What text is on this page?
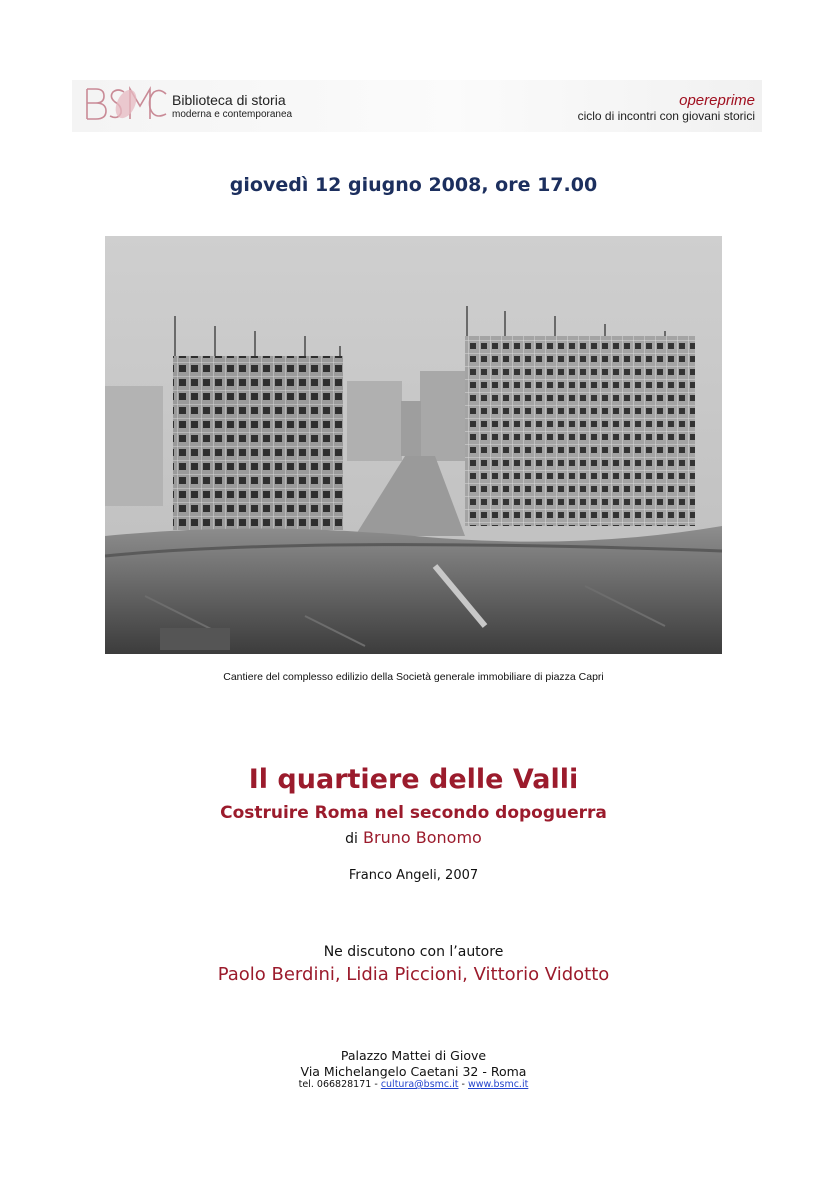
Biblioteca di storia
moderna e contemporanea
opereprime
ciclo di incontri con giovani storici
giovedì 12 giugno 2008, ore 17.00
Cantiere del complesso edilizio della Società generale immobiliare di piazza Capri
Il quartiere delle Valli
Costruire Roma nel secondo dopoguerra
di Bruno Bonomo
Franco Angeli, 2007
Ne discutono con l’autore
Paolo Berdini, Lidia Piccioni, Vittorio Vidotto
Palazzo Mattei di Giove
Via Michelangelo Caetani 32 - Roma
tel. 066828171 - cultura@bsmc.it - www.bsmc.it
